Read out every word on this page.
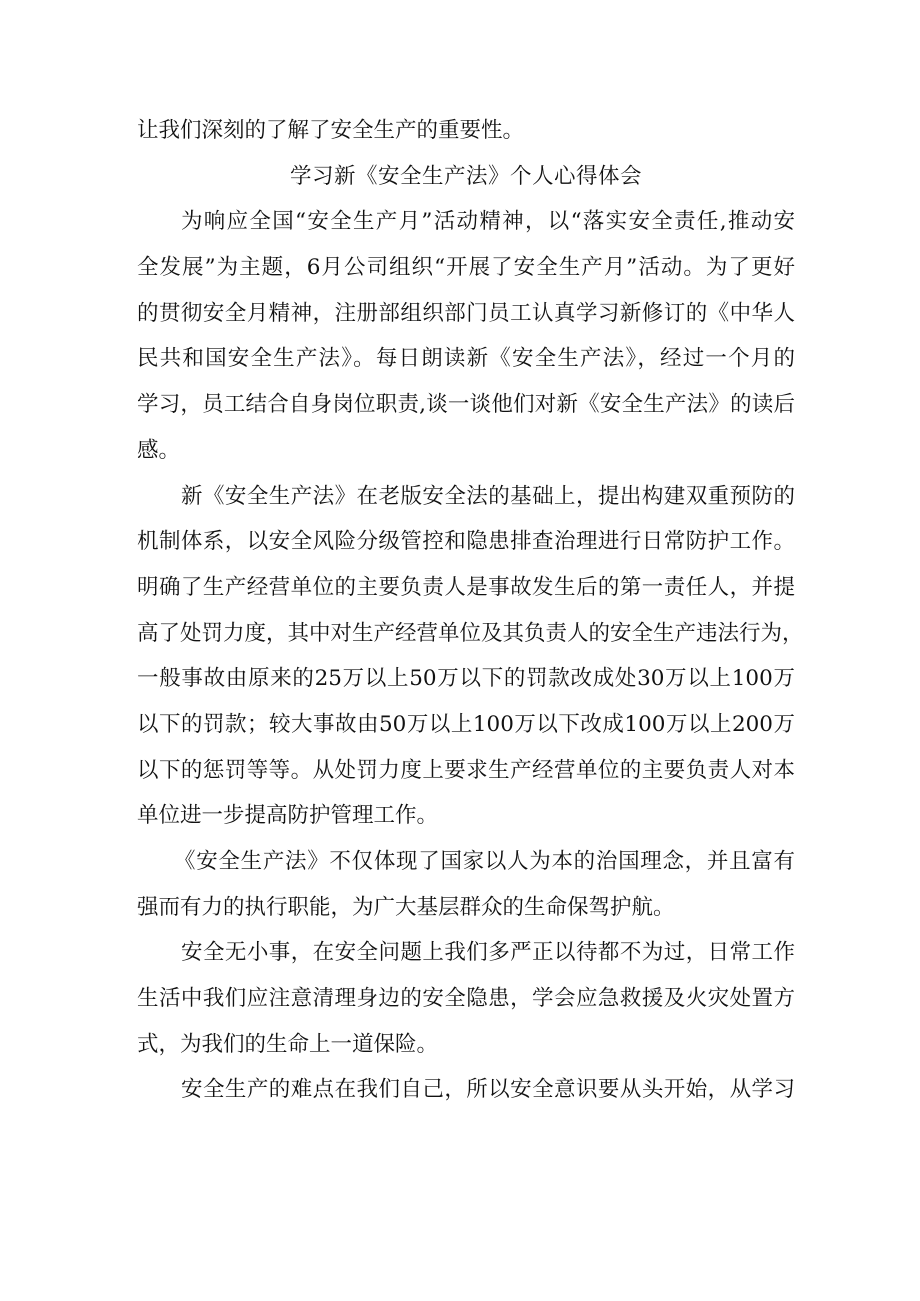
让我们深刻的了解了安全生产的重要性。
学习新《安全生产法》个人心得体会
为响应全国“安全生产月”活动精神，以“落实安全责任,推动安
全发展”为主题，6月公司组织“开展了安全生产月”活动。为了更好
的贯彻安全月精神，注册部组织部门员工认真学习新修订的《中华人
民共和国安全生产法》。每日朗读新《安全生产法》，经过一个月的
学习，员工结合自身岗位职责,谈一谈他们对新《安全生产法》的读后
感。
新《安全生产法》在老版安全法的基础上，提出构建双重预防的
机制体系，以安全风险分级管控和隐患排查治理进行日常防护工作。
明确了生产经营单位的主要负责人是事故发生后的第一责任人，并提
高了处罚力度，其中对生产经营单位及其负责人的安全生产违法行为，
一般事故由原来的25万以上50万以下的罚款改成处30万以上100万
以下的罚款；较大事故由50万以上100万以下改成100万以上200万
以下的惩罚等等。从处罚力度上要求生产经营单位的主要负责人对本
单位进一步提高防护管理工作。
《安全生产法》不仅体现了国家以人为本的治国理念，并且富有
强而有力的执行职能，为广大基层群众的生命保驾护航。
安全无小事，在安全问题上我们多严正以待都不为过，日常工作
生活中我们应注意清理身边的安全隐患，学会应急救援及火灾处置方
式，为我们的生命上一道保险。
安全生产的难点在我们自己，所以安全意识要从头开始，从学习
